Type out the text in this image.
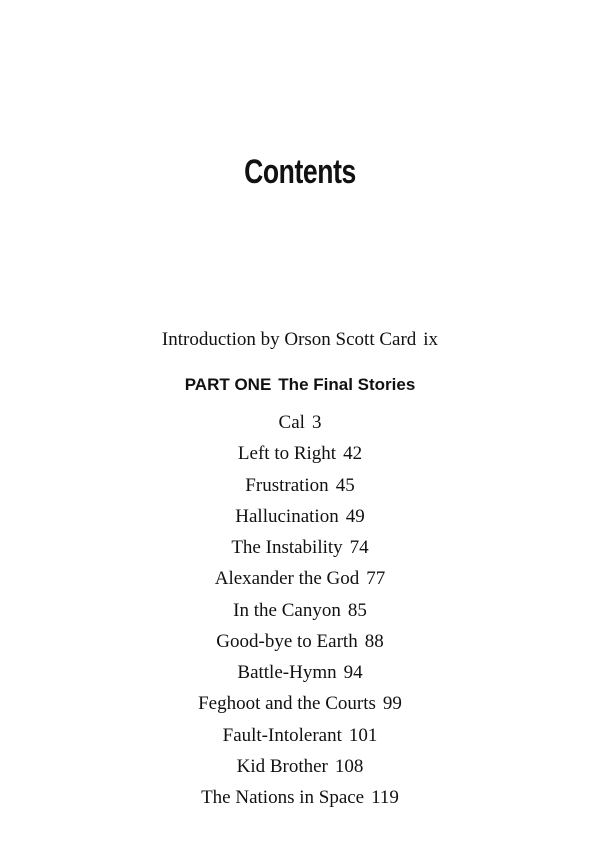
Contents
Introduction by Orson Scott Card ix
PART ONE The Final Stories
Cal 3
Left to Right 42
Frustration 45
Hallucination 49
The Instability 74
Alexander the God 77
In the Canyon 85
Good-bye to Earth 88
Battle-Hymn 94
Feghoot and the Courts 99
Fault-Intolerant 101
Kid Brother 108
The Nations in Space 119
